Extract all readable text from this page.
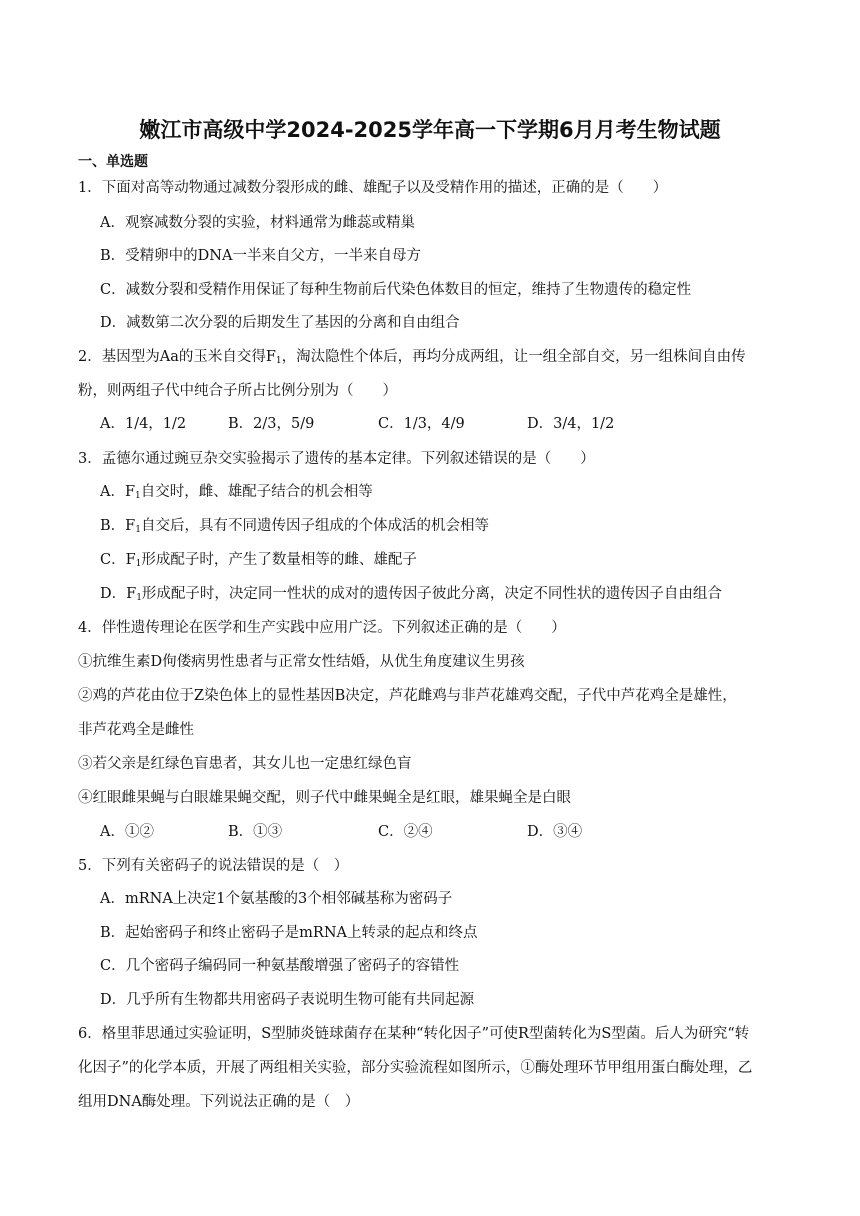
嫩江市高级中学2024-2025学年高一下学期6月月考生物试题
一、单选题
1．下面对高等动物通过减数分裂形成的雌、雄配子以及受精作用的描述，正确的是（　　）
A．观察减数分裂的实验，材料通常为雌蕊或精巢
B．受精卵中的DNA一半来自父方，一半来自母方
C．减数分裂和受精作用保证了每种生物前后代染色体数目的恒定，维持了生物遗传的稳定性
D．减数第二次分裂的后期发生了基因的分离和自由组合
2．基因型为Aa的玉米自交得$F_1$，淘汰隐性个体后，再均分成两组，让一组全部自交，另一组株间自由传
粉，则两组子代中纯合子所占比例分别为（　　）
A．1/4，1/2	B．2/3，5/9	C．1/3，4/9	D．3/4，1/2
3．孟德尔通过豌豆杂交实验揭示了遗传的基本定律。下列叙述错误的是（　　）
A．$F_1$自交时，雌、雄配子结合的机会相等
B．$F_1$自交后，具有不同遗传因子组成的个体成活的机会相等
C．$F_1$形成配子时，产生了数量相等的雌、雄配子
D．$F_1$形成配子时，决定同一性状的成对的遗传因子彼此分离，决定不同性状的遗传因子自由组合
4．伴性遗传理论在医学和生产实践中应用广泛。下列叙述正确的是（　　）
①抗维生素D佝偻病男性患者与正常女性结婚，从优生角度建议生男孩
②鸡的芦花由位于Z染色体上的显性基因B决定，芦花雌鸡与非芦花雄鸡交配，子代中芦花鸡全是雄性，
非芦花鸡全是雌性
③若父亲是红绿色盲患者，其女儿也一定患红绿色盲
④红眼雌果蝇与白眼雄果蝇交配，则子代中雌果蝇全是红眼，雄果蝇全是白眼
A．①②	B．①③	C．②④	D．③④
5．下列有关密码子的说法错误的是（　）
A．mRNA上决定1个氨基酸的3个相邻碱基称为密码子
B．起始密码子和终止密码子是mRNA上转录的起点和终点
C．几个密码子编码同一种氨基酸增强了密码子的容错性
D．几乎所有生物都共用密码子表说明生物可能有共同起源
6．格里菲思通过实验证明，S型肺炎链球菌存在某种“转化因子”可使R型菌转化为S型菌。后人为研究“转
化因子”的化学本质，开展了两组相关实验，部分实验流程如图所示，①酶处理环节甲组用蛋白酶处理，乙
组用DNA酶处理。下列说法正确的是（　）
